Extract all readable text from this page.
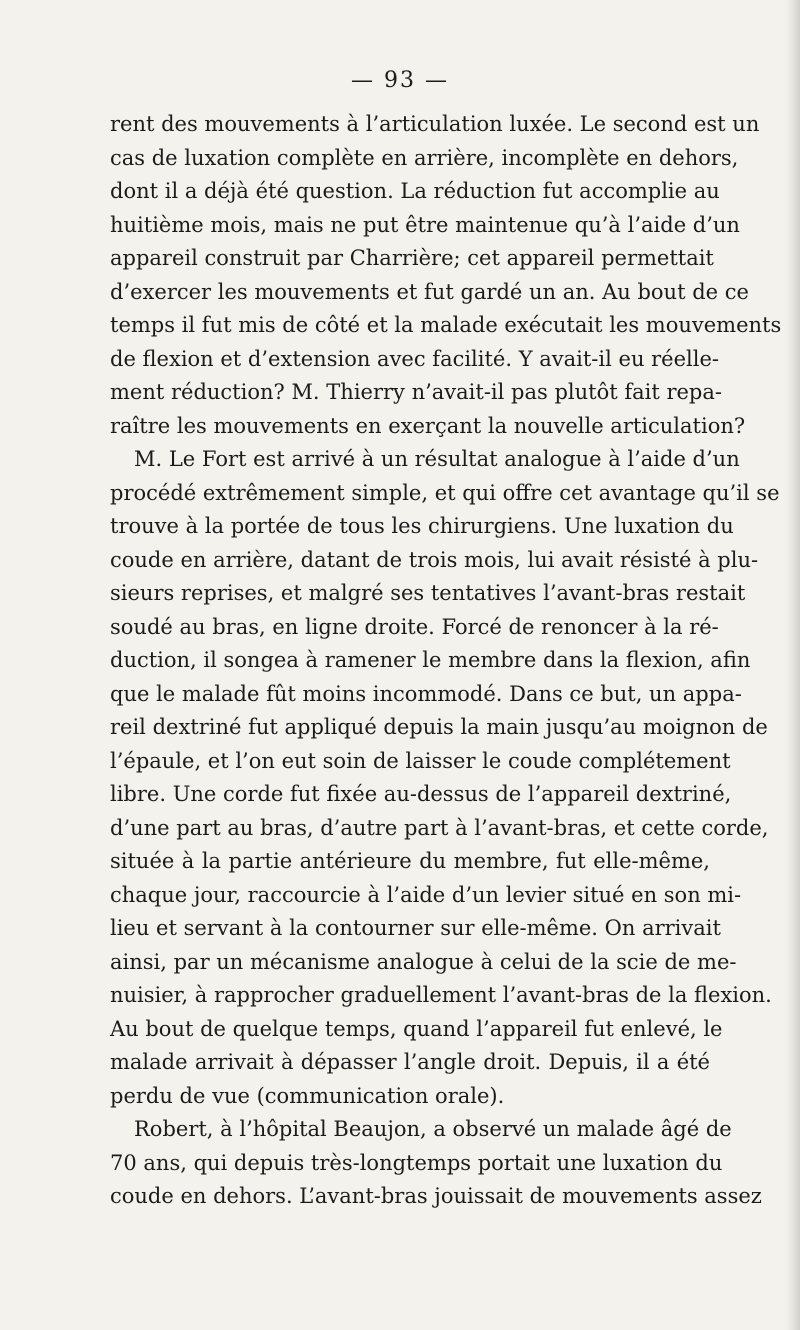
— 93 —
rent des mouvements à l’articulation luxée. Le second est un
cas de luxation complète en arrière, incomplète en dehors,
dont il a déjà été question. La réduction fut accomplie au
huitième mois, mais ne put être maintenue qu’à l’aide d’un
appareil construit par Charrière; cet appareil permettait
d’exercer les mouvements et fut gardé un an. Au bout de ce
temps il fut mis de côté et la malade exécutait les mouvements
de flexion et d’extension avec facilité. Y avait-il eu réelle-
ment réduction? M. Thierry n’avait-il pas plutôt fait repa-
raître les mouvements en exerçant la nouvelle articulation?
M. Le Fort est arrivé à un résultat analogue à l’aide d’un
procédé extrêmement simple, et qui offre cet avantage qu’il se
trouve à la portée de tous les chirurgiens. Une luxation du
coude en arrière, datant de trois mois, lui avait résisté à plu-
sieurs reprises, et malgré ses tentatives l’avant-bras restait
soudé au bras, en ligne droite. Forcé de renoncer à la ré-
duction, il songea à ramener le membre dans la flexion, afin
que le malade fût moins incommodé. Dans ce but, un appa-
reil dextriné fut appliqué depuis la main jusqu’au moignon de
l’épaule, et l’on eut soin de laisser le coude complétement
libre. Une corde fut fixée au-dessus de l’appareil dextriné,
d’une part au bras, d’autre part à l’avant-bras, et cette corde,
située à la partie antérieure du membre, fut elle-même,
chaque jour, raccourcie à l’aide d’un levier situé en son mi-
lieu et servant à la contourner sur elle-même. On arrivait
ainsi, par un mécanisme analogue à celui de la scie de me-
nuisier, à rapprocher graduellement l’avant-bras de la flexion.
Au bout de quelque temps, quand l’appareil fut enlevé, le
malade arrivait à dépasser l’angle droit. Depuis, il a été
perdu de vue (communication orale).
Robert, à l’hôpital Beaujon, a observé un malade âgé de
70 ans, qui depuis très-longtemps portait une luxation du
coude en dehors. L’avant-bras jouissait de mouvements assez
